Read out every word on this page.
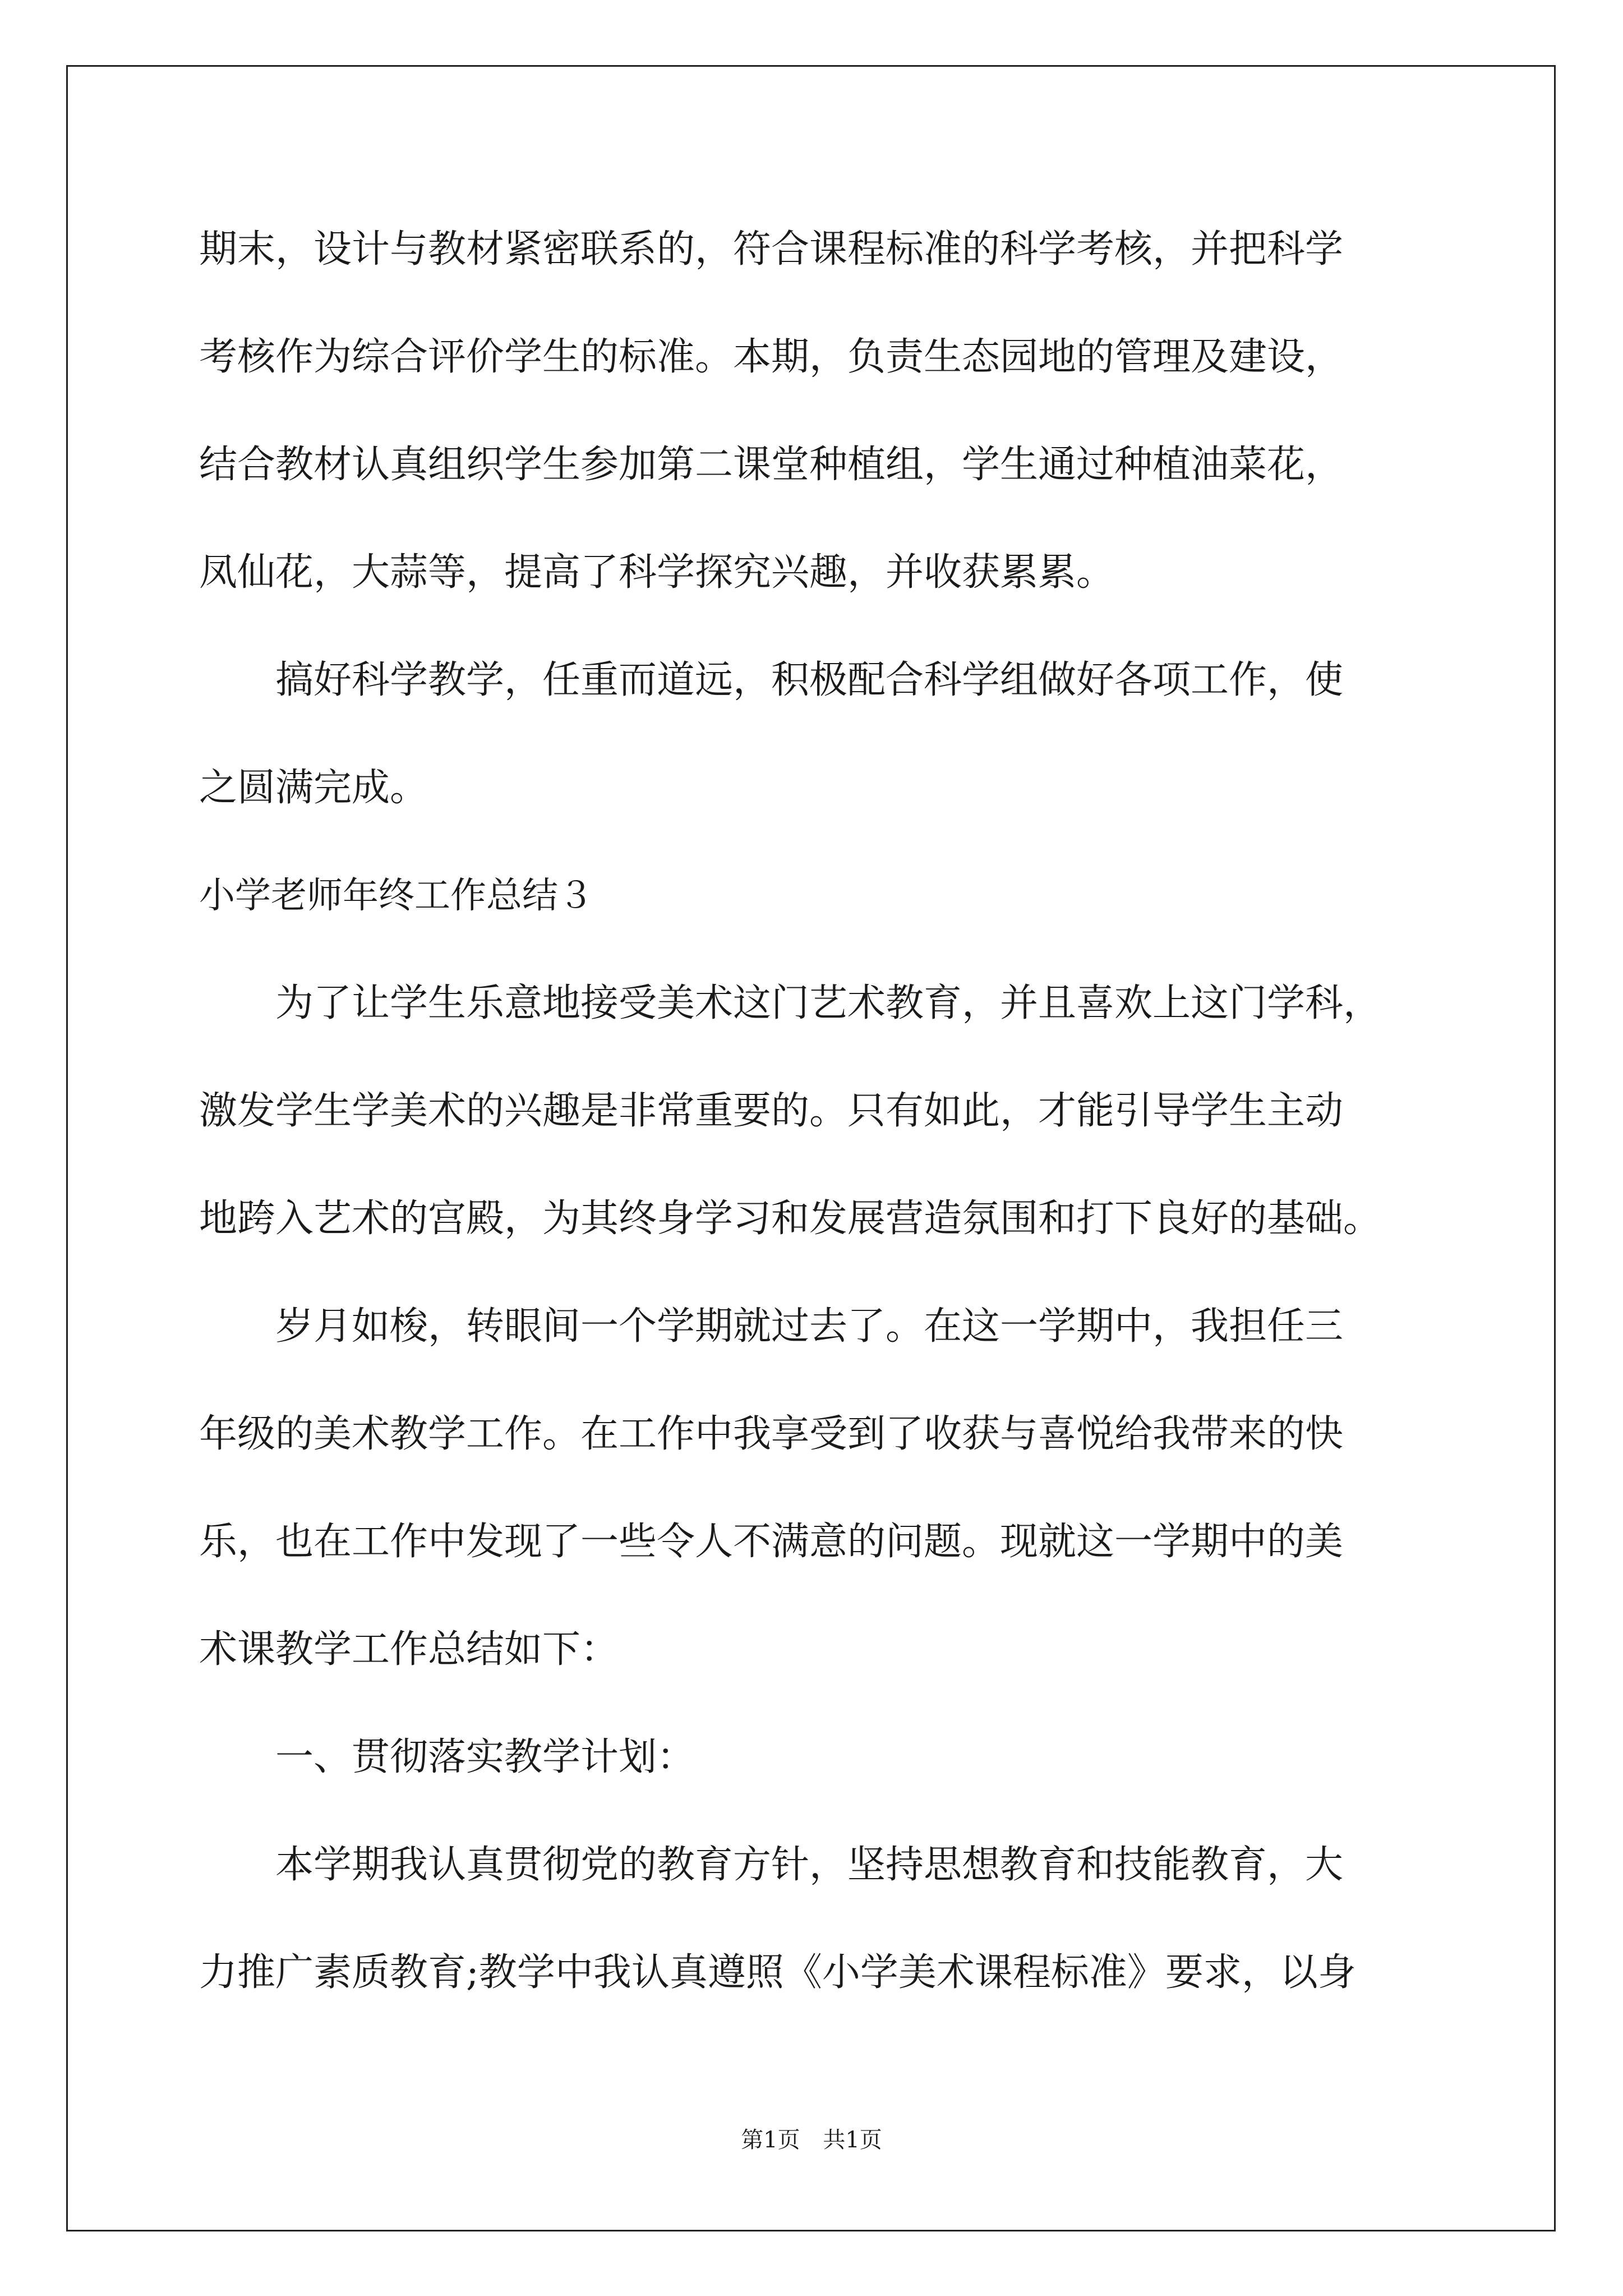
期末，设计与教材紧密联系的，符合课程标准的科学考核，并把科学
考核作为综合评价学生的标准。本期，负责生态园地的管理及建设，
结合教材认真组织学生参加第二课堂种植组，学生通过种植油菜花，
凤仙花，大蒜等，提高了科学探究兴趣，并收获累累。
　　搞好科学教学，任重而道远，积极配合科学组做好各项工作，使
之圆满完成。
小学老师年终工作总结３
　　为了让学生乐意地接受美术这门艺术教育，并且喜欢上这门学科，
激发学生学美术的兴趣是非常重要的。只有如此，才能引导学生主动
地跨入艺术的宫殿，为其终身学习和发展营造氛围和打下良好的基础。
　　岁月如梭，转眼间一个学期就过去了。在这一学期中，我担任三
年级的美术教学工作。在工作中我享受到了收获与喜悦给我带来的快
乐，也在工作中发现了一些令人不满意的问题。现就这一学期中的美
术课教学工作总结如下：
　　一、贯彻落实教学计划：
　　本学期我认真贯彻党的教育方针，坚持思想教育和技能教育，大
力推广素质教育;教学中我认真遵照《小学美术课程标准》要求，以身
第1页 共1页
